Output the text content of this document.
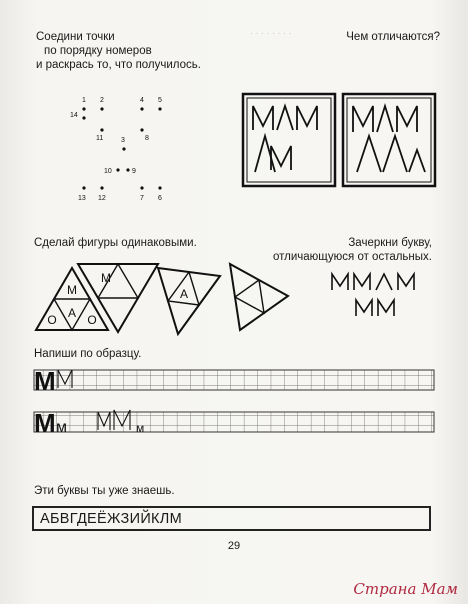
· · · · · · · ·
Соедини точки
по порядку номеров
и раскрась то, что получилось.
1 2
3
4 5
6
7
8
9
10
11
12
13
14
Чем отличаются?
Сделай фигуры одинаковыми.
М
О А О
М
А
Зачеркни букву,
отличающуюся от остальных.
Напиши по образцу.
М
М м	м
Эти буквы ты уже знаешь.
АБВГДЕЁЖЗИЙКЛМ
29
Страна Мам
